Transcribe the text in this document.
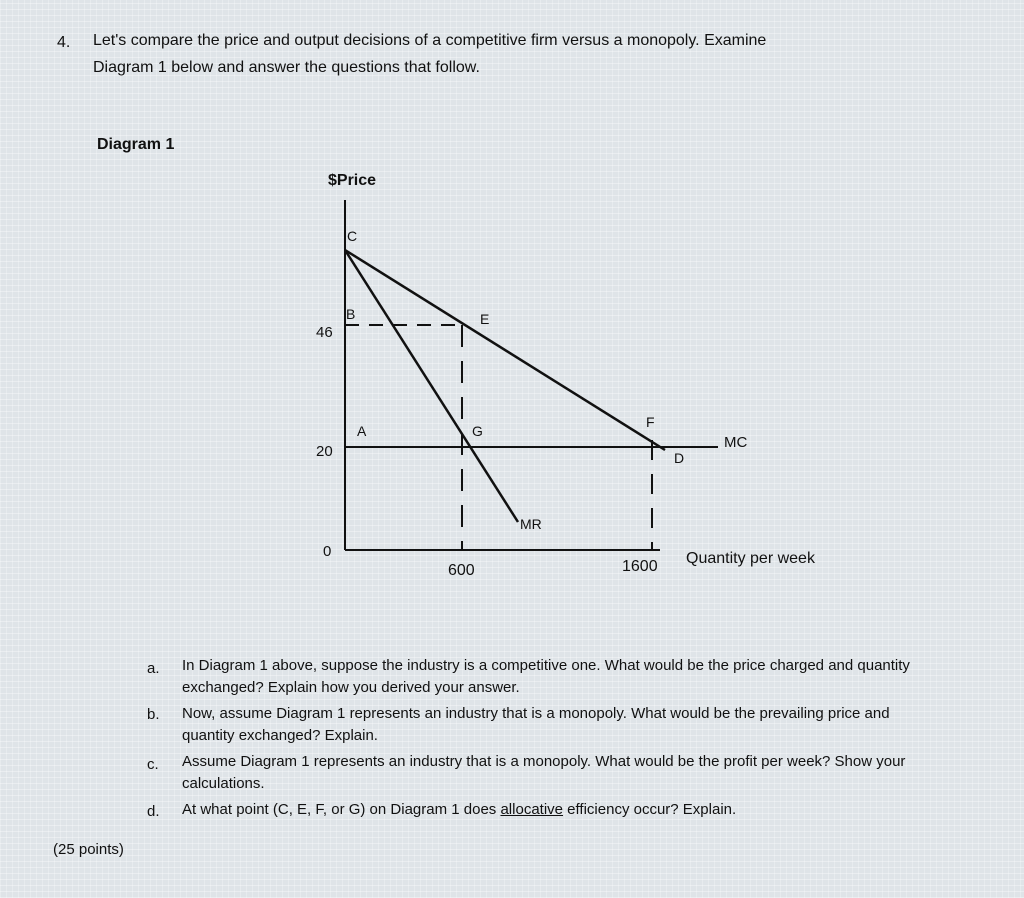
4. Let's compare the price and output decisions of a competitive firm versus a monopoly. Examine
Diagram 1 below and answer the questions that follow.
Diagram 1
$Price
C
B	E
46
A	G
F
20	D
MC
MR
0
600	1600 Quantity per week
a. In Diagram 1 above, suppose the industry is a competitive one. What would be the price charged and quantity exchanged? Explain how you derived your answer.
b. Now, assume Diagram 1 represents an industry that is a monopoly. What would be the prevailing price and quantity exchanged? Explain.
c. Assume Diagram 1 represents an industry that is a monopoly. What would be the profit per week? Show your calculations.
d. At what point (C, E, F, or G) on Diagram 1 does allocative efficiency occur? Explain.
(25 points)
